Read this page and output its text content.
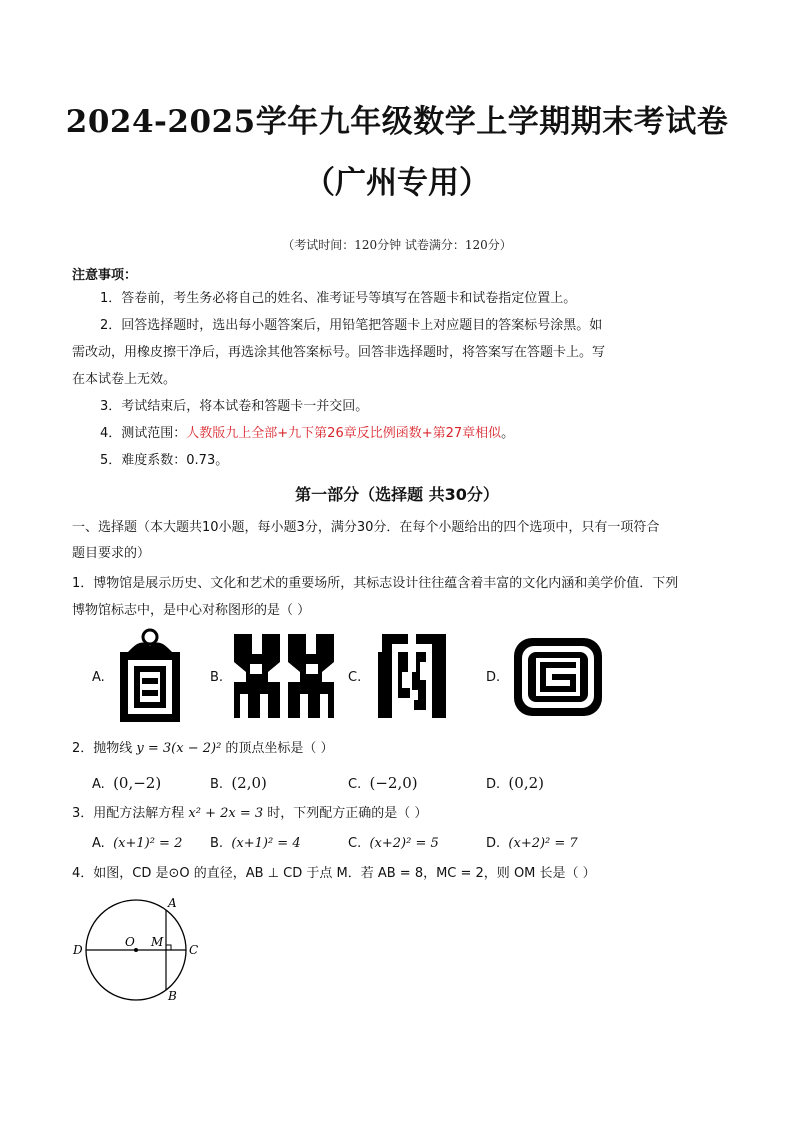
2024-2025学年九年级数学上学期期末考试卷
（广州专用）
（考试时间：120分钟 试卷满分：120分）
注意事项：
1．答卷前，考生务必将自己的姓名、准考证号等填写在答题卡和试卷指定位置上。
2．回答选择题时，选出每小题答案后，用铅笔把答题卡上对应题目的答案标号涂黑。如
需改动，用橡皮擦干净后，再选涂其他答案标号。回答非选择题时，将答案写在答题卡上。写
在本试卷上无效。
3．考试结束后，将本试卷和答题卡一并交回。
4．测试范围：人教版九上全部+九下第26章反比例函数+第27章相似。
5．难度系数：0.73。
第一部分（选择题 共30分）
一、选择题（本大题共10小题，每小题3分，满分30分．在每个小题给出的四个选项中，只有一项符合
题目要求的）
1．博物馆是展示历史、文化和艺术的重要场所，其标志设计往往蕴含着丰富的文化内涵和美学价值．下列
博物馆标志中，是中心对称图形的是（ ）
A.	B.	C.	D.
2．抛物线 y = 3(x − 2)² 的顶点坐标是（ ）
A. (0,−2)	B. (2,0)	C. (−2,0)	D. (0,2)
3．用配方法解方程 x² + 2x = 3 时，下列配方正确的是（ ）
A. (x+1)² = 2 B. (x+1)² = 4	C. (x+2)² = 5	D. (x+2)² = 7
4．如图，CD 是⊙O 的直径，AB ⊥ CD 于点 M．若 AB = 8，MC = 2，则 OM 长是（ ）
A
B
C
D
O M
